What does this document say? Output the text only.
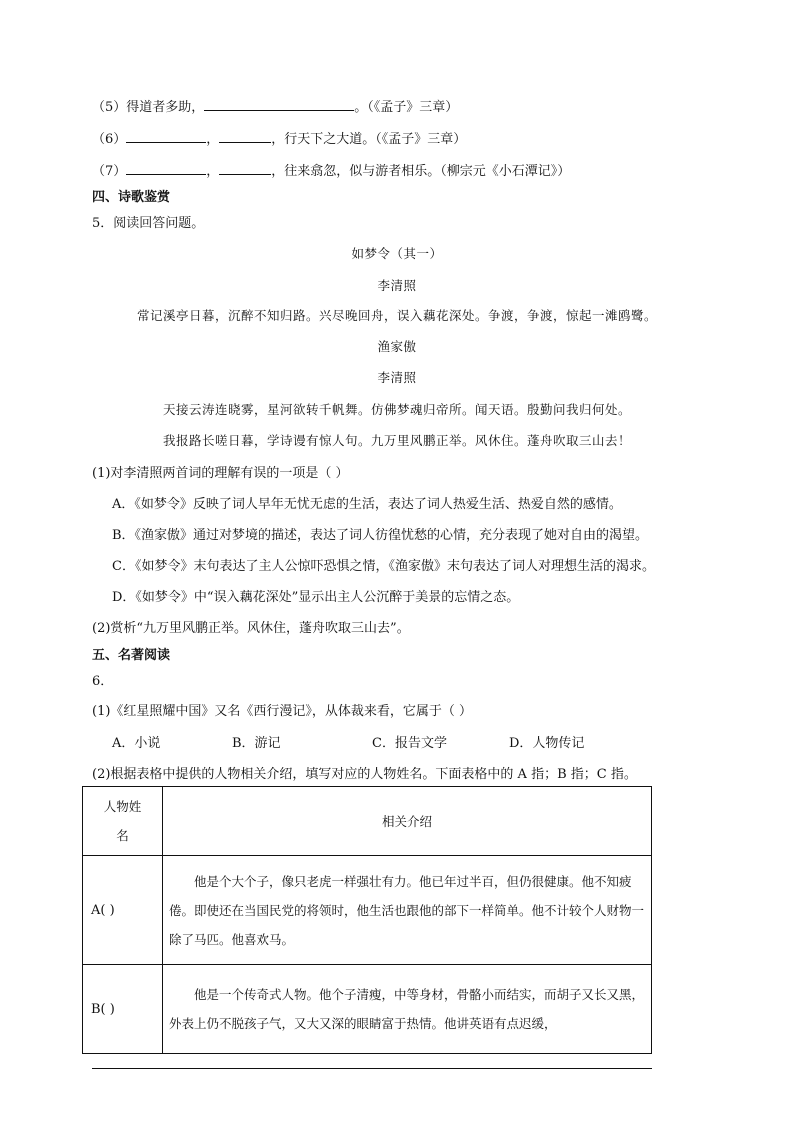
（5）得道者多助，	。（《孟子》三章）
（6）	，	，行天下之大道。（《孟子》三章）
（7）	，	，往来翕忽，似与游者相乐。（柳宗元《小石潭记》）
四、诗歌鉴赏
5．阅读回答问题。
如梦令（其一）
李清照
常记溪亭日暮，沉醉不知归路。兴尽晚回舟，误入藕花深处。争渡，争渡，惊起一滩鸥鹭。
渔家傲
李清照
天接云涛连晓雾，星河欲转千帆舞。仿佛梦魂归帝所。闻天语。殷勤问我归何处。
我报路长嗟日暮，学诗谩有惊人句。九万里风鹏正举。风休住。蓬舟吹取三山去！
(1)对李清照两首词的理解有误的一项是（ ）
A．《如梦令》反映了词人早年无忧无虑的生活，表达了词人热爱生活、热爱自然的感情。
B．《渔家傲》通过对梦境的描述，表达了词人彷徨忧愁的心情，充分表现了她对自由的渴望。
C．《如梦令》末句表达了主人公惊吓恐惧之情，《渔家傲》末句表达了词人对理想生活的渴求。
D．《如梦令》中“误入藕花深处”显示出主人公沉醉于美景的忘情之态。
(2)赏析“九万里风鹏正举。风休住，蓬舟吹取三山去”。
五、名著阅读
6．
(1)《红星照耀中国》又名《西行漫记》，从体裁来看，它属于（ ）
A．小说	B．游记	C．报告文学	D．人物传记
(2)根据表格中提供的人物相关介绍，填写对应的人物姓名。下面表格中的 A 指；B 指；C 指。
人物姓
名	相关介绍
A( )	他是个大个子，像只老虎一样强壮有力。他已年过半百，但仍很健康。他不知疲倦。即使还在当国民党的将领时，他生活也跟他的部下一样简单。他不计较个人财物一除了马匹。他喜欢马。
B( )	他是一个传奇式人物。他个子清瘦，中等身材，骨骼小而结实，而胡子又长又黑，外表上仍不脱孩子气，又大又深的眼睛富于热情。他讲英语有点迟缓，
